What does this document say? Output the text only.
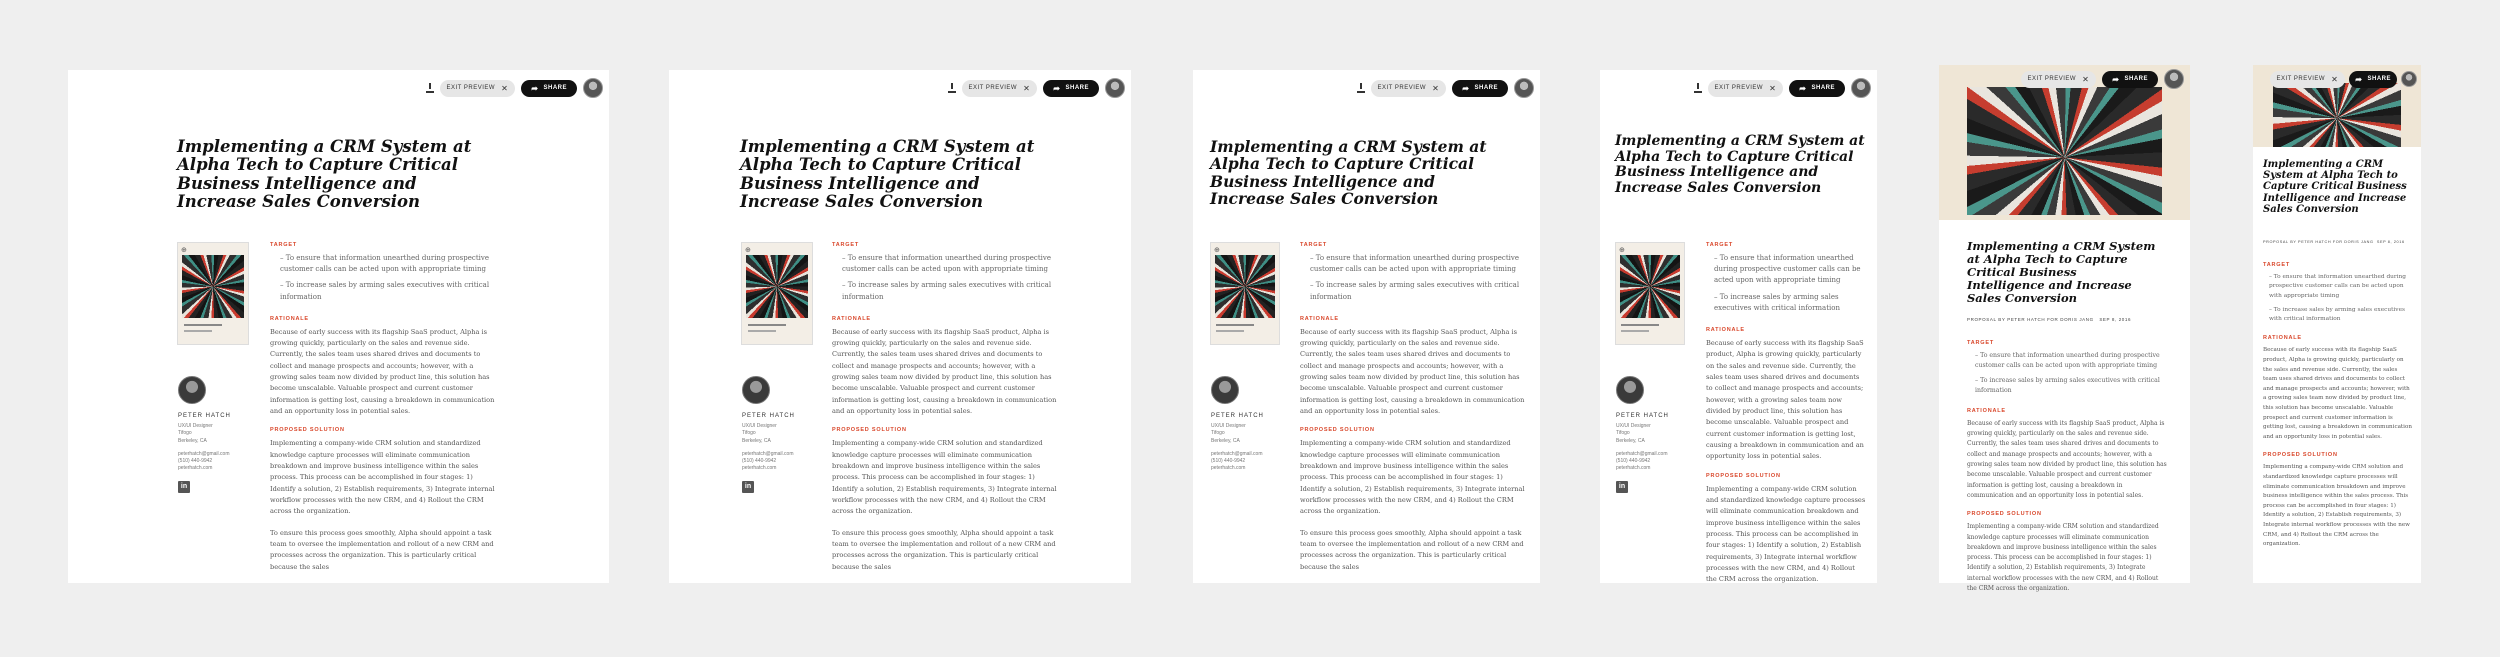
EXIT PREVIEW ✕	➦ SHARE
Implementing a CRM System at Alpha Tech to Capture Critical Business Intelligence and Increase Sales Conversion
⊕
PETER HATCH
UX/UI Designer
Tifogo
Berkeley, CA
peterhatch@gmail.com
(510) 440-9942
peterhatch.com
in
TARGET
– To ensure that information unearthed during prospective customer calls can be acted upon with appropriate timing
– To increase sales by arming sales executives with critical information
RATIONALE
Because of early success with its flagship SaaS product, Alpha is growing quickly, particularly on the sales and revenue side. Currently, the sales team uses shared drives and documents to collect and manage prospects and accounts; however, with a growing sales team now divided by product line, this solution has become unscalable. Valuable prospect and current customer information is getting lost, causing a breakdown in communication and an opportunity loss in potential sales.
PROPOSED SOLUTION
Implementing a company-wide CRM solution and standardized knowledge capture processes will eliminate communication breakdown and improve business intelligence within the sales process. This process can be accomplished in four stages: 1) Identify a solution, 2) Establish requirements, 3) Integrate internal workflow processes with the new CRM, and 4) Rollout the CRM across the organization.
To ensure this process goes smoothly, Alpha should appoint a task team to oversee the implementation and rollout of a new CRM and processes across the organization. This is particularly critical because the sales
EXIT PREVIEW ✕	➦ SHARE
Implementing a CRM System at Alpha Tech to Capture Critical Business Intelligence and Increase Sales Conversion
⊕
PETER HATCH
UX/UI Designer
Tifogo
Berkeley, CA
peterhatch@gmail.com
(510) 440-9942
peterhatch.com
in
TARGET
– To ensure that information unearthed during prospective customer calls can be acted upon with appropriate timing
– To increase sales by arming sales executives with critical information
RATIONALE
Because of early success with its flagship SaaS product, Alpha is growing quickly, particularly on the sales and revenue side. Currently, the sales team uses shared drives and documents to collect and manage prospects and accounts; however, with a growing sales team now divided by product line, this solution has become unscalable. Valuable prospect and current customer information is getting lost, causing a breakdown in communication and an opportunity loss in potential sales.
PROPOSED SOLUTION
Implementing a company-wide CRM solution and standardized knowledge capture processes will eliminate communication breakdown and improve business intelligence within the sales process. This process can be accomplished in four stages: 1) Identify a solution, 2) Establish requirements, 3) Integrate internal workflow processes with the new CRM, and 4) Rollout the CRM across the organization.
To ensure this process goes smoothly, Alpha should appoint a task team to oversee the implementation and rollout of a new CRM and processes across the organization. This is particularly critical because the sales
EXIT PREVIEW ✕	➦ SHARE
Implementing a CRM System at Alpha Tech to Capture Critical Business Intelligence and Increase Sales Conversion
⊕
PETER HATCH
UX/UI Designer
Tifogo
Berkeley, CA
peterhatch@gmail.com
(510) 440-9942
peterhatch.com
TARGET
– To ensure that information unearthed during prospective customer calls can be acted upon with appropriate timing
– To increase sales by arming sales executives with critical information
RATIONALE
Because of early success with its flagship SaaS product, Alpha is growing quickly, particularly on the sales and revenue side. Currently, the sales team uses shared drives and documents to collect and manage prospects and accounts; however, with a growing sales team now divided by product line, this solution has become unscalable. Valuable prospect and current customer information is getting lost, causing a breakdown in communication and an opportunity loss in potential sales.
PROPOSED SOLUTION
Implementing a company-wide CRM solution and standardized knowledge capture processes will eliminate communication breakdown and improve business intelligence within the sales process. This process can be accomplished in four stages: 1) Identify a solution, 2) Establish requirements, 3) Integrate internal workflow processes with the new CRM, and 4) Rollout the CRM across the organization.
To ensure this process goes smoothly, Alpha should appoint a task team to oversee the implementation and rollout of a new CRM and processes across the organization. This is particularly critical because the sales
EXIT PREVIEW ✕	➦ SHARE
Implementing a CRM System at Alpha Tech to Capture Critical Business Intelligence and Increase Sales Conversion
⊕
PETER HATCH
UX/UI Designer
Tifogo
Berkeley, CA
peterhatch@gmail.com
(510) 440-9942
peterhatch.com
in
TARGET
– To ensure that information unearthed during prospective customer calls can be acted upon with appropriate timing
– To increase sales by arming sales executives with critical information
RATIONALE
Because of early success with its flagship SaaS product, Alpha is growing quickly, particularly on the sales and revenue side. Currently, the sales team uses shared drives and documents to collect and manage prospects and accounts; however, with a growing sales team now divided by product line, this solution has become unscalable. Valuable prospect and current customer information is getting lost, causing a breakdown in communication and an opportunity loss in potential sales.
PROPOSED SOLUTION
Implementing a company-wide CRM solution and standardized knowledge capture processes will eliminate communication breakdown and improve business intelligence within the sales process. This process can be accomplished in four stages: 1) Identify a solution, 2) Establish requirements, 3) Integrate internal workflow processes with the new CRM, and 4) Rollout the CRM across the organization.
EXIT PREVIEW ✕	➦ SHARE
Implementing a CRM System at Alpha Tech to Capture Critical Business Intelligence and Increase Sales Conversion
PROPOSAL BY PETER HATCH FOR DORIS JANG SEP 8, 2016
TARGET
– To ensure that information unearthed during prospective customer calls can be acted upon with appropriate timing
– To increase sales by arming sales executives with critical information
RATIONALE
Because of early success with its flagship SaaS product, Alpha is growing quickly, particularly on the sales and revenue side. Currently, the sales team uses shared drives and documents to collect and manage prospects and accounts; however, with a growing sales team now divided by product line, this solution has become unscalable. Valuable prospect and current customer information is getting lost, causing a breakdown in communication and an opportunity loss in potential sales.
PROPOSED SOLUTION
Implementing a company-wide CRM solution and standardized knowledge capture processes will eliminate communication breakdown and improve business intelligence within the sales process. This process can be accomplished in four stages: 1) Identify a solution, 2) Establish requirements, 3) Integrate internal workflow processes with the new CRM, and 4) Rollout the CRM across the organization.
EXIT PREVIEW ✕ ➦ SHARE
Implementing a CRM System at Alpha Tech to Capture Critical Business Intelligence and Increase Sales Conversion
PROPOSAL BY PETER HATCH FOR DORIS JANG SEP 8, 2016
TARGET
– To ensure that information unearthed during prospective customer calls can be acted upon with appropriate timing
– To increase sales by arming sales executives with critical information
RATIONALE
Because of early success with its flagship SaaS product, Alpha is growing quickly, particularly on the sales and revenue side. Currently, the sales team uses shared drives and documents to collect and manage prospects and accounts; however, with a growing sales team now divided by product line, this solution has become unscalable. Valuable prospect and current customer information is getting lost, causing a breakdown in communication and an opportunity loss in potential sales.
PROPOSED SOLUTION
Implementing a company-wide CRM solution and standardized knowledge capture processes will eliminate communication breakdown and improve business intelligence within the sales process. This process can be accomplished in four stages: 1) Identify a solution, 2) Establish requirements, 3) Integrate internal workflow processes with the new CRM, and 4) Rollout the CRM across the organization.
